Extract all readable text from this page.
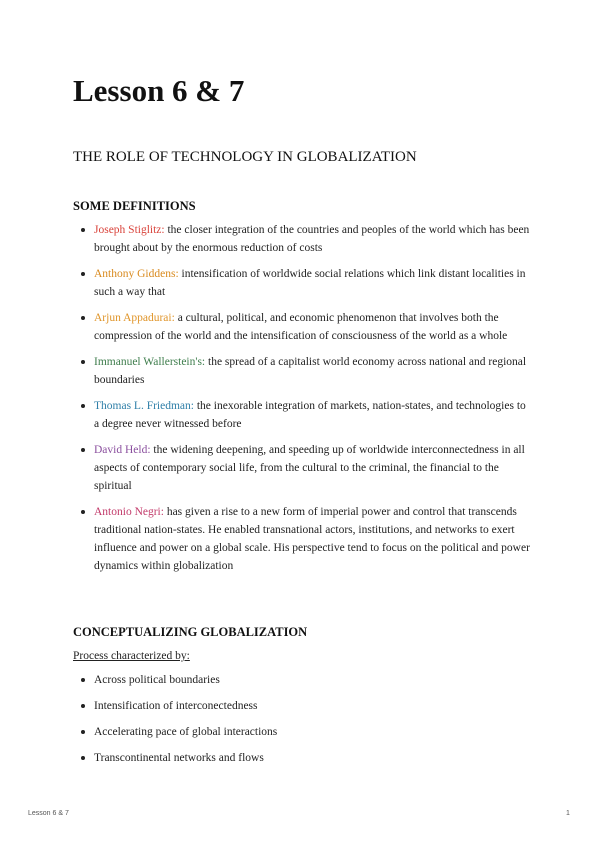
Lesson 6 & 7
THE ROLE OF TECHNOLOGY IN GLOBALIZATION
SOME DEFINITIONS
Joseph Stiglitz: the closer integration of the countries and peoples of the world which has been brought about by the enormous reduction of costs
Anthony Giddens: intensification of worldwide social relations which link distant localities in such a way that
Arjun Appadurai: a cultural, political, and economic phenomenon that involves both the compression of the world and the intensification of consciousness of the world as a whole
Immanuel Wallerstein's: the spread of a capitalist world economy across national and regional boundaries
Thomas L. Friedman: the inexorable integration of markets, nation-states, and technologies to a degree never witnessed before
David Held: the widening deepening, and speeding up of worldwide interconnectedness in all aspects of contemporary social life, from the cultural to the criminal, the financial to the spiritual
Antonio Negri: has given a rise to a new form of imperial power and control that transcends traditional nation-states. He enabled transnational actors, institutions, and networks to exert influence and power on a global scale. His perspective tend to focus on the political and power dynamics within globalization
CONCEPTUALIZING GLOBALIZATION
Process characterized by:
Across political boundaries
Intensification of interconectedness
Accelerating pace of global interactions
Transcontinental networks and flows
Lesson 6 & 7	1
